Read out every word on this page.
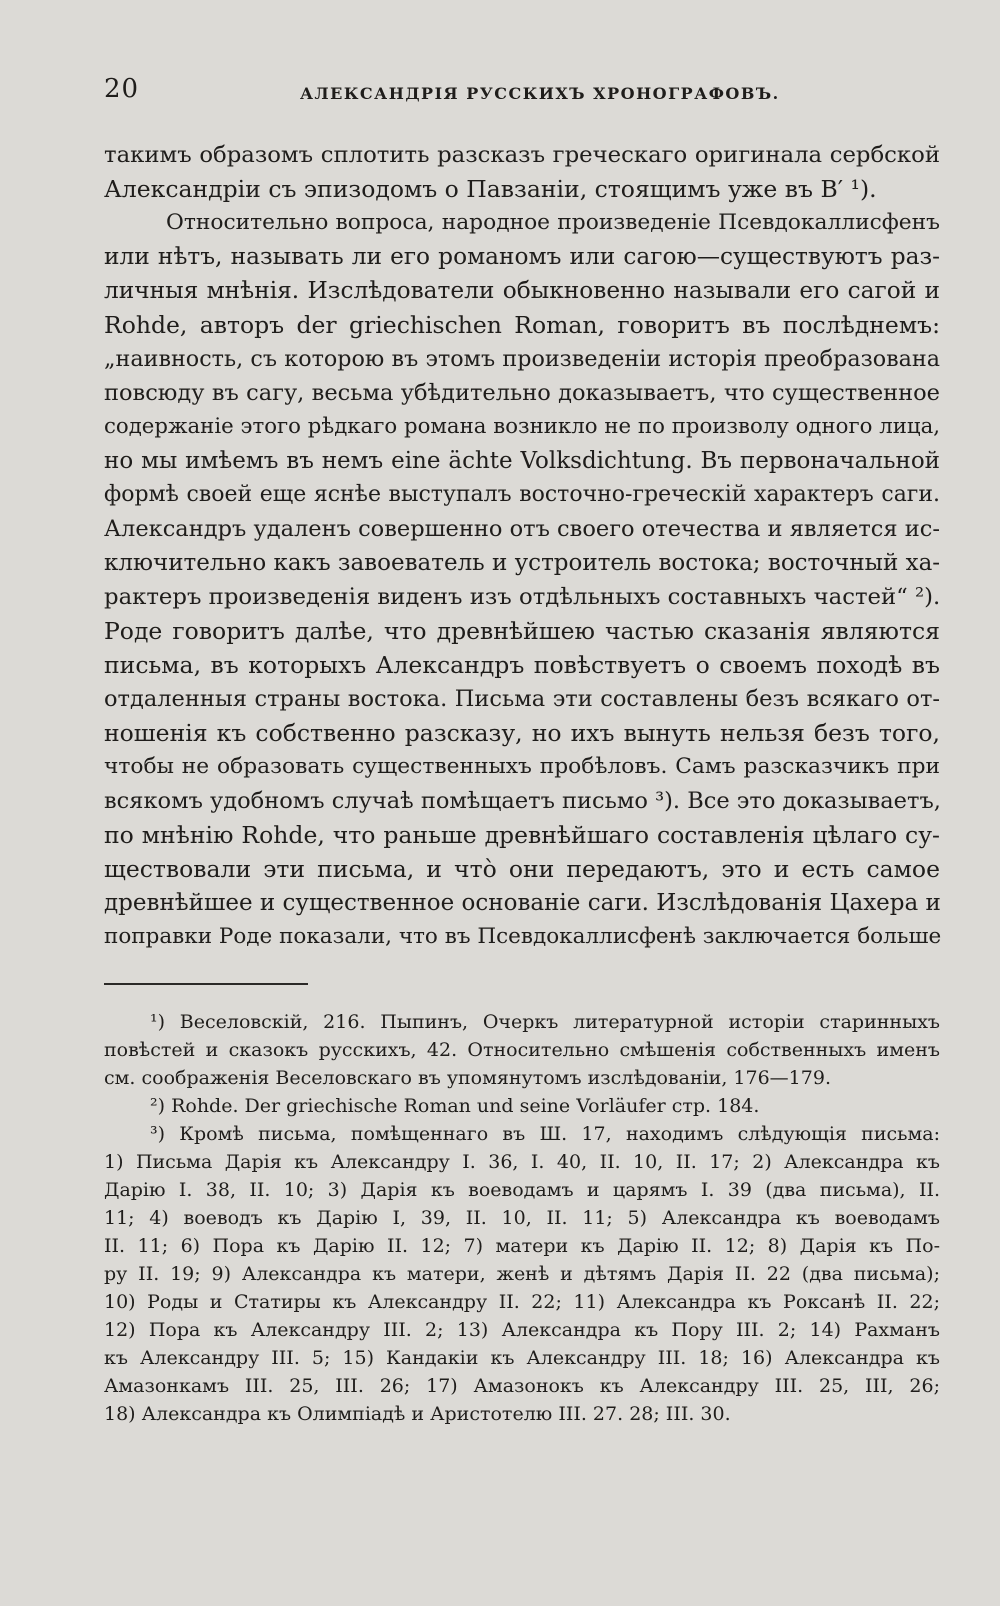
20	АЛЕКСАНДРІЯ РУССКИХЪ ХРОНОГРАФОВЪ.
такимъ образомъ сплотить разсказъ греческаго оригинала сербской
Александріи съ эпизодомъ о Павзаніи, стоящимъ уже въ B′ ¹).
Относительно вопроса, народное произведеніе Псевдокаллисфенъ
или нѣтъ, называть ли его романомъ или сагою—существуютъ раз-
личныя мнѣнія. Изслѣдователи обыкновенно называли его сагой и
Rohde, авторъ der griechischen Roman, говоритъ въ послѣднемъ:
„наивность, съ которою въ этомъ произведеніи исторія преобразована
повсюду въ сагу, весьма убѣдительно доказываетъ, что существенное
содержаніе этого рѣдкаго романа возникло не по произволу одного лица,
но мы имѣемъ въ немъ eine ächte Volksdichtung. Въ первоначальной
формѣ своей еще яснѣе выступалъ восточно-греческій характеръ саги.
Александръ удаленъ совершенно отъ своего отечества и является ис-
ключительно какъ завоеватель и устроитель востока; восточный ха-
рактеръ произведенія виденъ изъ отдѣльныхъ составныхъ частей“ ²).
Роде говоритъ далѣе, что древнѣйшею частью сказанія являются
письма, въ которыхъ Александръ повѣствуетъ о своемъ походѣ въ
отдаленныя страны востока. Письма эти составлены безъ всякаго от-
ношенія къ собственно разсказу, но ихъ вынуть нельзя безъ того,
чтобы не образовать существенныхъ пробѣловъ. Самъ разсказчикъ при
всякомъ удобномъ случаѣ помѣщаетъ письмо ³). Все это доказываетъ,
по мнѣнію Rohde, что раньше древнѣйшаго составленія цѣлаго су-
ществовали эти письма, и что̀ они передаютъ, это и есть самое
древнѣйшее и существенное основаніе саги. Изслѣдованія Цахера и
поправки Роде показали, что въ Псевдокаллисфенѣ заключается больше
¹) Веселовскій, 216. Пыпинъ, Очеркъ литературной исторіи старинныхъ
повѣстей и сказокъ русскихъ, 42. Относительно смѣшенія собственныхъ именъ
см. соображенія Веселовскаго въ упомянутомъ изслѣдованіи, 176—179.
²) Rohde. Der griechische Roman und seine Vorläufer стр. 184.
³) Кромѣ письма, помѣщеннаго въ Ш. 17, находимъ слѣдующія письма:
1) Письма Дарія къ Александру I. 36, I. 40, II. 10, II. 17; 2) Александра къ
Дарію I. 38, II. 10; 3) Дарія къ воеводамъ и царямъ I. 39 (два письма), II.
11; 4) воеводъ къ Дарію I, 39, II. 10, II. 11; 5) Александра къ воеводамъ
II. 11; 6) Пора къ Дарію II. 12; 7) матери къ Дарію II. 12; 8) Дарія къ По-
ру II. 19; 9) Александра къ матери, женѣ и дѣтямъ Дарія II. 22 (два письма);
10) Роды и Статиры къ Александру II. 22; 11) Александра къ Роксанѣ II. 22;
12) Пора къ Александру III. 2; 13) Александра къ Пору III. 2; 14) Рахманъ
къ Александру III. 5; 15) Кандакіи къ Александру III. 18; 16) Александра къ
Амазонкамъ III. 25, III. 26; 17) Амазонокъ къ Александру III. 25, III, 26;
18) Александра къ Олимпіадѣ и Аристотелю III. 27. 28; III. 30.
